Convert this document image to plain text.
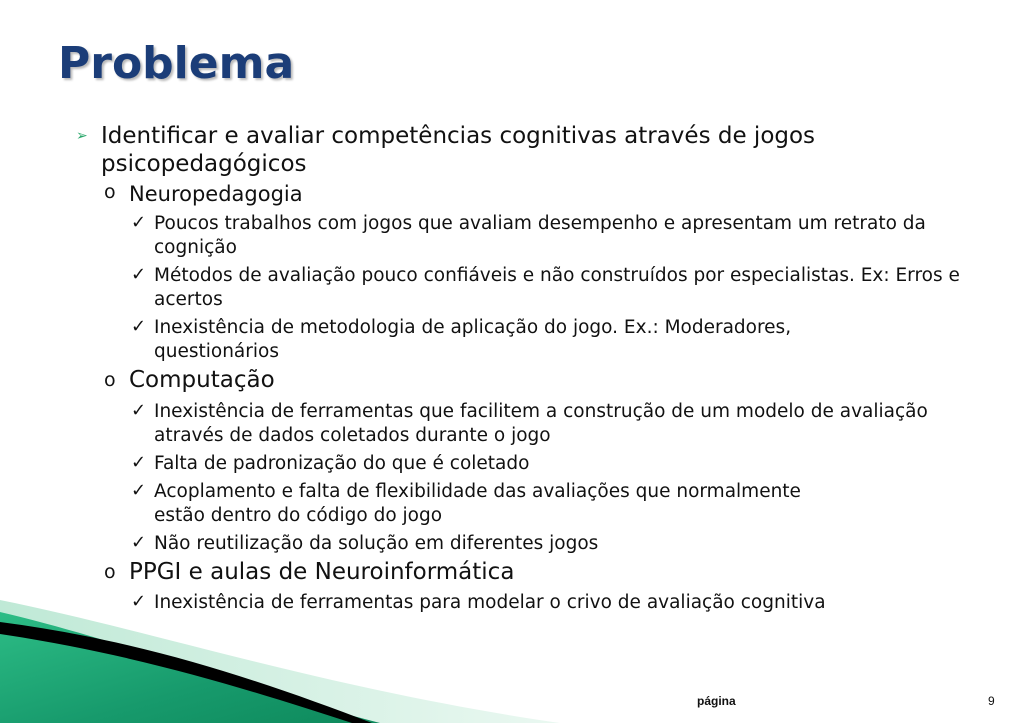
Problema
➢ Identificar e avaliar competências cognitivas através de jogos psicopedagógicos

o Neuropedagogia

✓ Poucos trabalhos com jogos que avaliam desempenho e apresentam um retrato da cognição

✓ Métodos de avaliação pouco confiáveis e não construídos por especialistas. Ex: Erros e acertos

✓ Inexistência de metodologia de aplicação do jogo. Ex.: Moderadores, questionários

o Computação

✓ Inexistência de ferramentas que facilitem a construção de um modelo de avaliação através de dados coletados durante o jogo

✓ Falta de padronização do que é coletado

✓ Acoplamento e falta de flexibilidade das avaliações que normalmente estão dentro do código do jogo

✓ Não reutilização da solução em diferentes jogos

o PPGI e aulas de Neuroinformática

✓ Inexistência de ferramentas para modelar o crivo de avaliação cognitiva

página	9
